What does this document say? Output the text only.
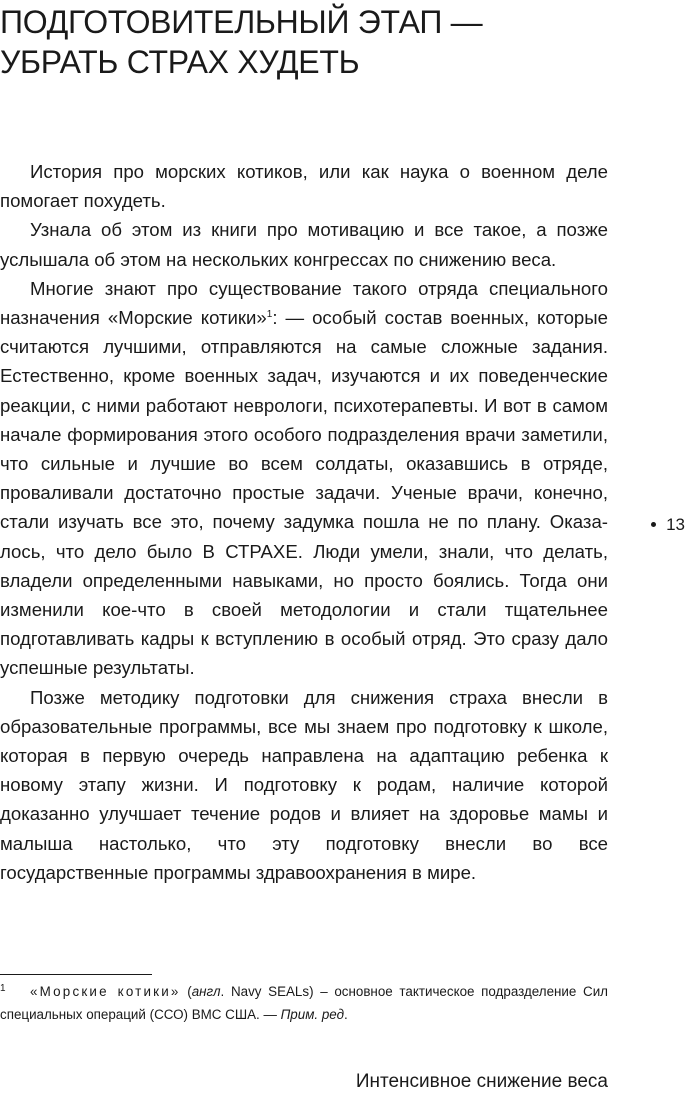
ПОДГОТОВИТЕЛЬНЫЙ ЭТАП —
УБРАТЬ СТРАХ ХУДЕТЬ

История про морских котиков, или как наука о военном деле помогает похудеть.

Узнала об этом из книги про мотивацию и все такое, а позже услышала об этом на нескольких конгрессах по снижению веса.

Многие знают про существование такого отряда специального назначения «Морские котики»$^1$: — особый состав военных, которые считаются лучшими, отправляются на самые сложные задания. Естественно, кроме военных задач, изучаются и их поведенческие реакции, с ними работают неврологи, психотерапевты. И вот в самом начале формирования этого особого подразделения врачи заметили, что сильные и лучшие во всем солдаты, оказавшись в отряде, проваливaли достаточно простые задачи. Ученые врачи, конечно, стали изучать все это, почему задумка пошла не по плану. Оказалось, что дело было В СТРАХЕ. Люди умели, знали, что делать, владели определенными навыками, но просто боялись. Тогда они изменили кое-что в своей методологии и стали тщательнее подготавливать кадры к вступлению в особый отряд. Это сразу дало успешные результаты.

Позже методику подготовки для снижения страха внесли в образовательные программы, все мы знаем про подготовку к школе, которая в первую очередь направлена на адаптацию ребенка к новому этапу жизни. И подготовку к родам, наличие которой доказанно улучшает течение родов и влияет на здоровье мамы и малыша настолько, что эту подготовку внесли во все государственные программы здравоохранения в мире.

13
1 «Морские котики» (англ. Navy SEALs) – основное тактическое подразделение Сил специальных операций (ССО) ВМС США. — Прим. ред.
Интенсивное снижение веса
